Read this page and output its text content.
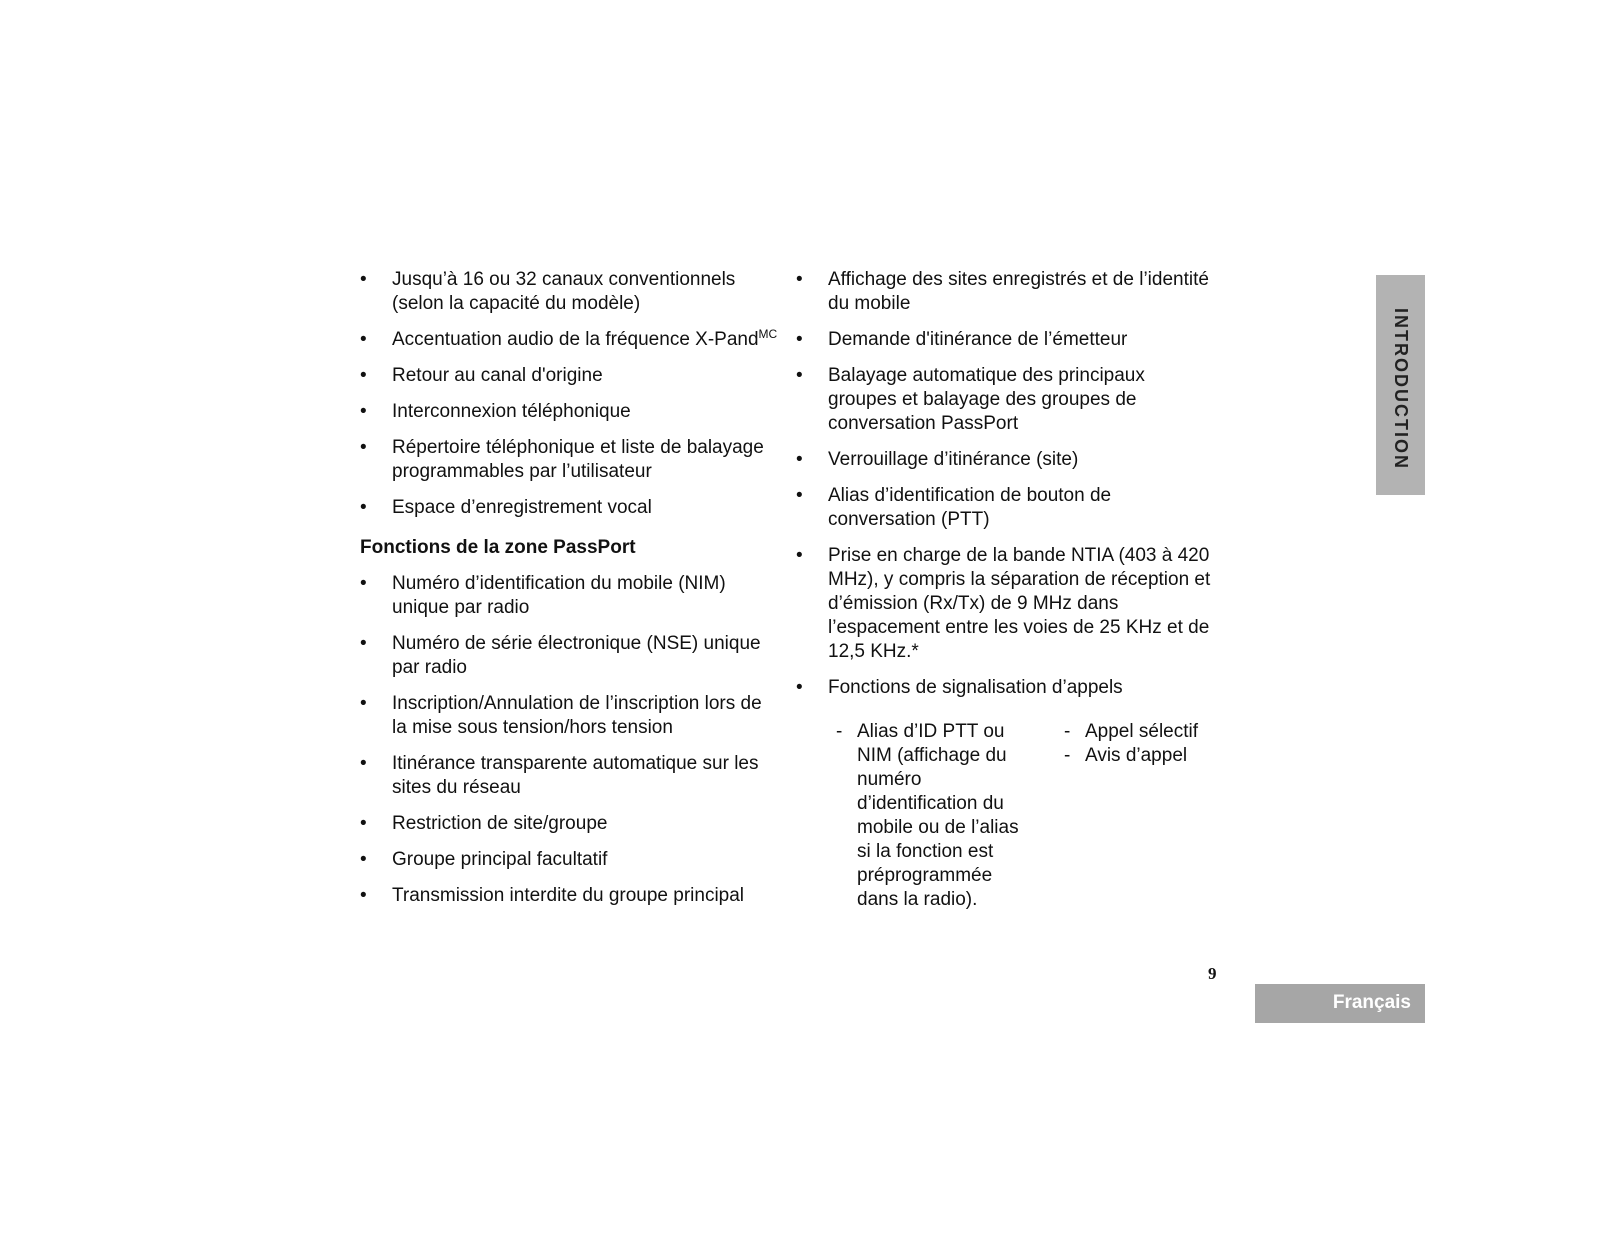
• Jusqu’à 16 ou 32 canaux conventionnels (selon la capacité du modèle)
• Accentuation audio de la fréquence X-Pand$^{MC}$
• Retour au canal d'origine
• Interconnexion téléphonique
• Répertoire téléphonique et liste de balayage programmables par l’utilisateur
• Espace d’enregistrement vocal
Fonctions de la zone PassPort
• Numéro d’identification du mobile (NIM) unique par radio
• Numéro de série électronique (NSE) unique par radio
• Inscription/Annulation de l’inscription lors de la mise sous tension/hors tension
• Itinérance transparente automatique sur les sites du réseau
• Restriction de site/groupe
• Groupe principal facultatif
• Transmission interdite du groupe principal
• Affichage des sites enregistrés et de l’identité du mobile
• Demande d'itinérance de l’émetteur
• Balayage automatique des principaux groupes et balayage des groupes de conversation PassPort
• Verrouillage d’itinérance (site)
• Alias d’identification de bouton de conversation (PTT)
• Prise en charge de la bande NTIA (403 à 420 MHz), y compris la séparation de réception et d’émission (Rx/Tx) de 9 MHz dans l’espacement entre les voies de 25 KHz et de 12,5 KHz.*
• Fonctions de signalisation d’appels
- Alias d’ID PTT ou NIM (affichage du numéro d’identification du mobile ou de l’alias si la fonction est préprogrammée dans la radio).
- Appel sélectif
- Avis d’appel
INTRODUCTION
9
Français
